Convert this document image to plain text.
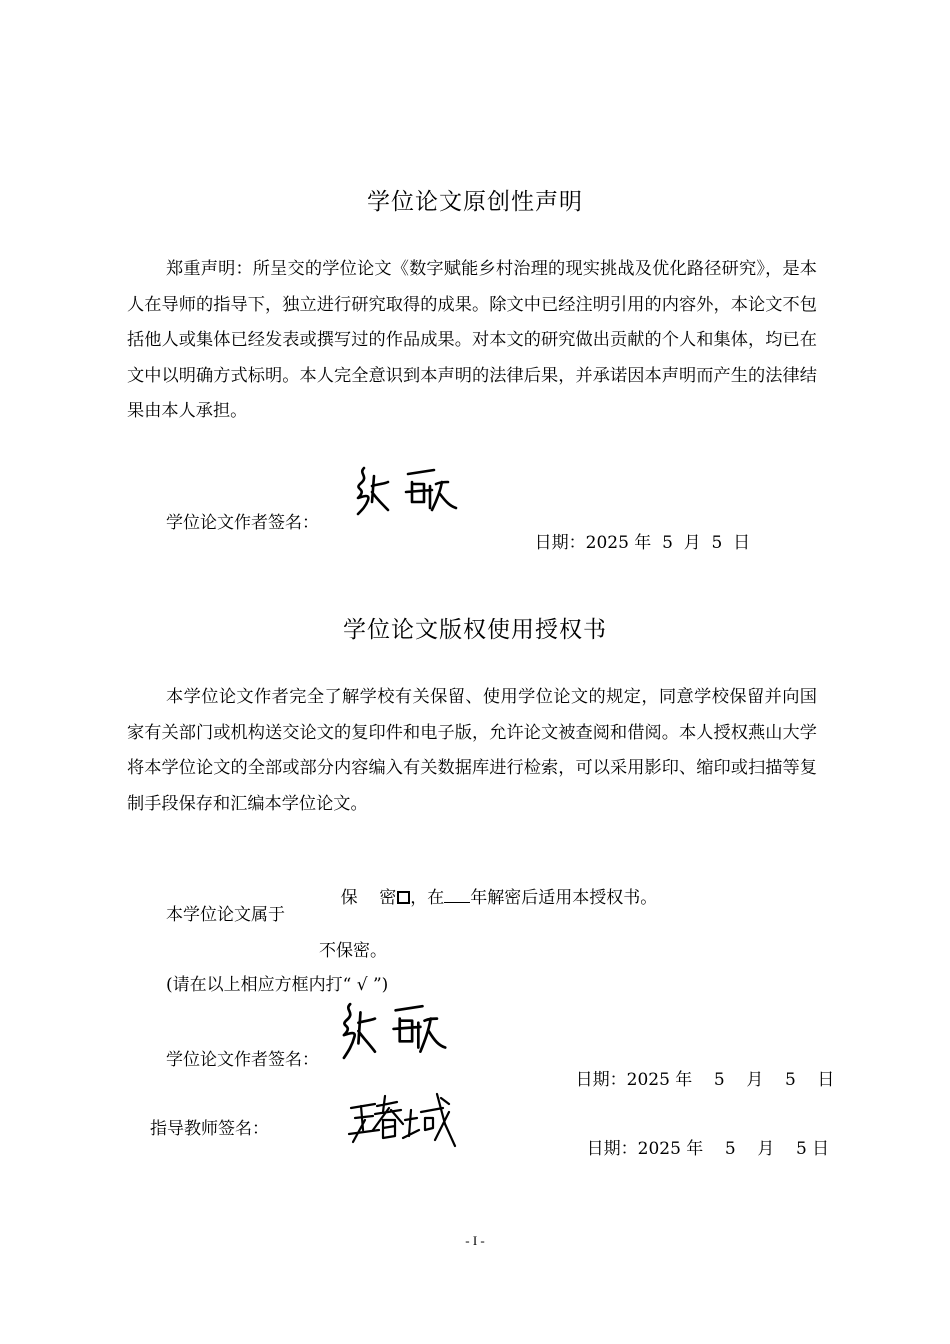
学位论文原创性声明

郑重声明：所呈交的学位论文《数字赋能乡村治理的现实挑战及优化路径研究》，是本人在导师的指导下，独立进行研究取得的成果。除文中已经注明引用的内容外，本论文不包括他人或集体已经发表或撰写过的作品成果。对本文的研究做出贡献的个人和集体，均已在文中以明确方式标明。本人完全意识到本声明的法律后果，并承诺因本声明而产生的法律结果由本人承担。

学位论文作者签名：

日期：2025 年  5  月  5  日

学位论文版权使用授权书

本学位论文作者完全了解学校有关保留、使用学位论文的规定，同意学校保留并向国家有关部门或机构送交论文的复印件和电子版，允许论文被查阅和借阅。本人授权燕山大学将本学位论文的全部或部分内容编入有关数据库进行检索，可以采用影印、缩印或扫描等复制手段保存和汇编本学位论文。

保    密 ，在 年解密后适用本授权书。

本学位论文属于
不保密。
(请在以上相应方框内打“ √ ”)
学位论文作者签名：

日期：2025 年    5    月    5    日

指导教师签名：

日期：2025 年    5    月    5 日

- I -
